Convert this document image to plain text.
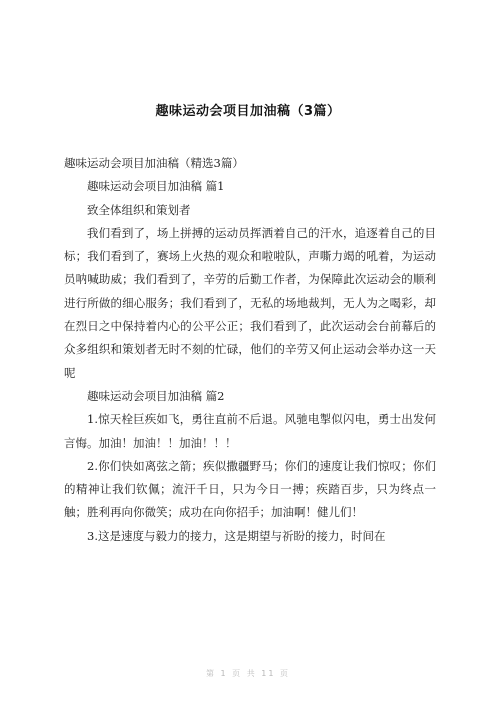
趣味运动会项目加油稿（3篇）

趣味运动会项目加油稿（精选3篇）

趣味运动会项目加油稿 篇1

致全体组织和策划者

我们看到了，场上拼搏的运动员挥洒着自己的汗水，追逐着自己的目标；我们看到了，赛场上火热的观众和啦啦队，声嘶力竭的吼着，为运动员呐喊助威；我们看到了，辛劳的后勤工作者，为保障此次运动会的顺利进行所做的细心服务；我们看到了，无私的场地裁判，无人为之喝彩，却在烈日之中保持着内心的公平公正；我们看到了，此次运动会台前幕后的众多组织和策划者无时不刻的忙碌，他们的辛劳又何止运动会举办这一天呢

趣味运动会项目加油稿 篇2

1.惊天栓巨疾如飞，勇往直前不后退。风驰电掣似闪电，勇士出发何言悔。加油！加油！！加油！！！

2.你们快如离弦之箭；疾似撒疆野马；你们的速度让我们惊叹；你们的精神让我们钦佩；流汗千日，只为今日一搏；疾踏百步，只为终点一触；胜利再向你微笑；成功在向你招手；加油啊！健儿们！

3.这是速度与毅力的接力，这是期望与祈盼的接力，时间在

第 1 页 共 11 页
